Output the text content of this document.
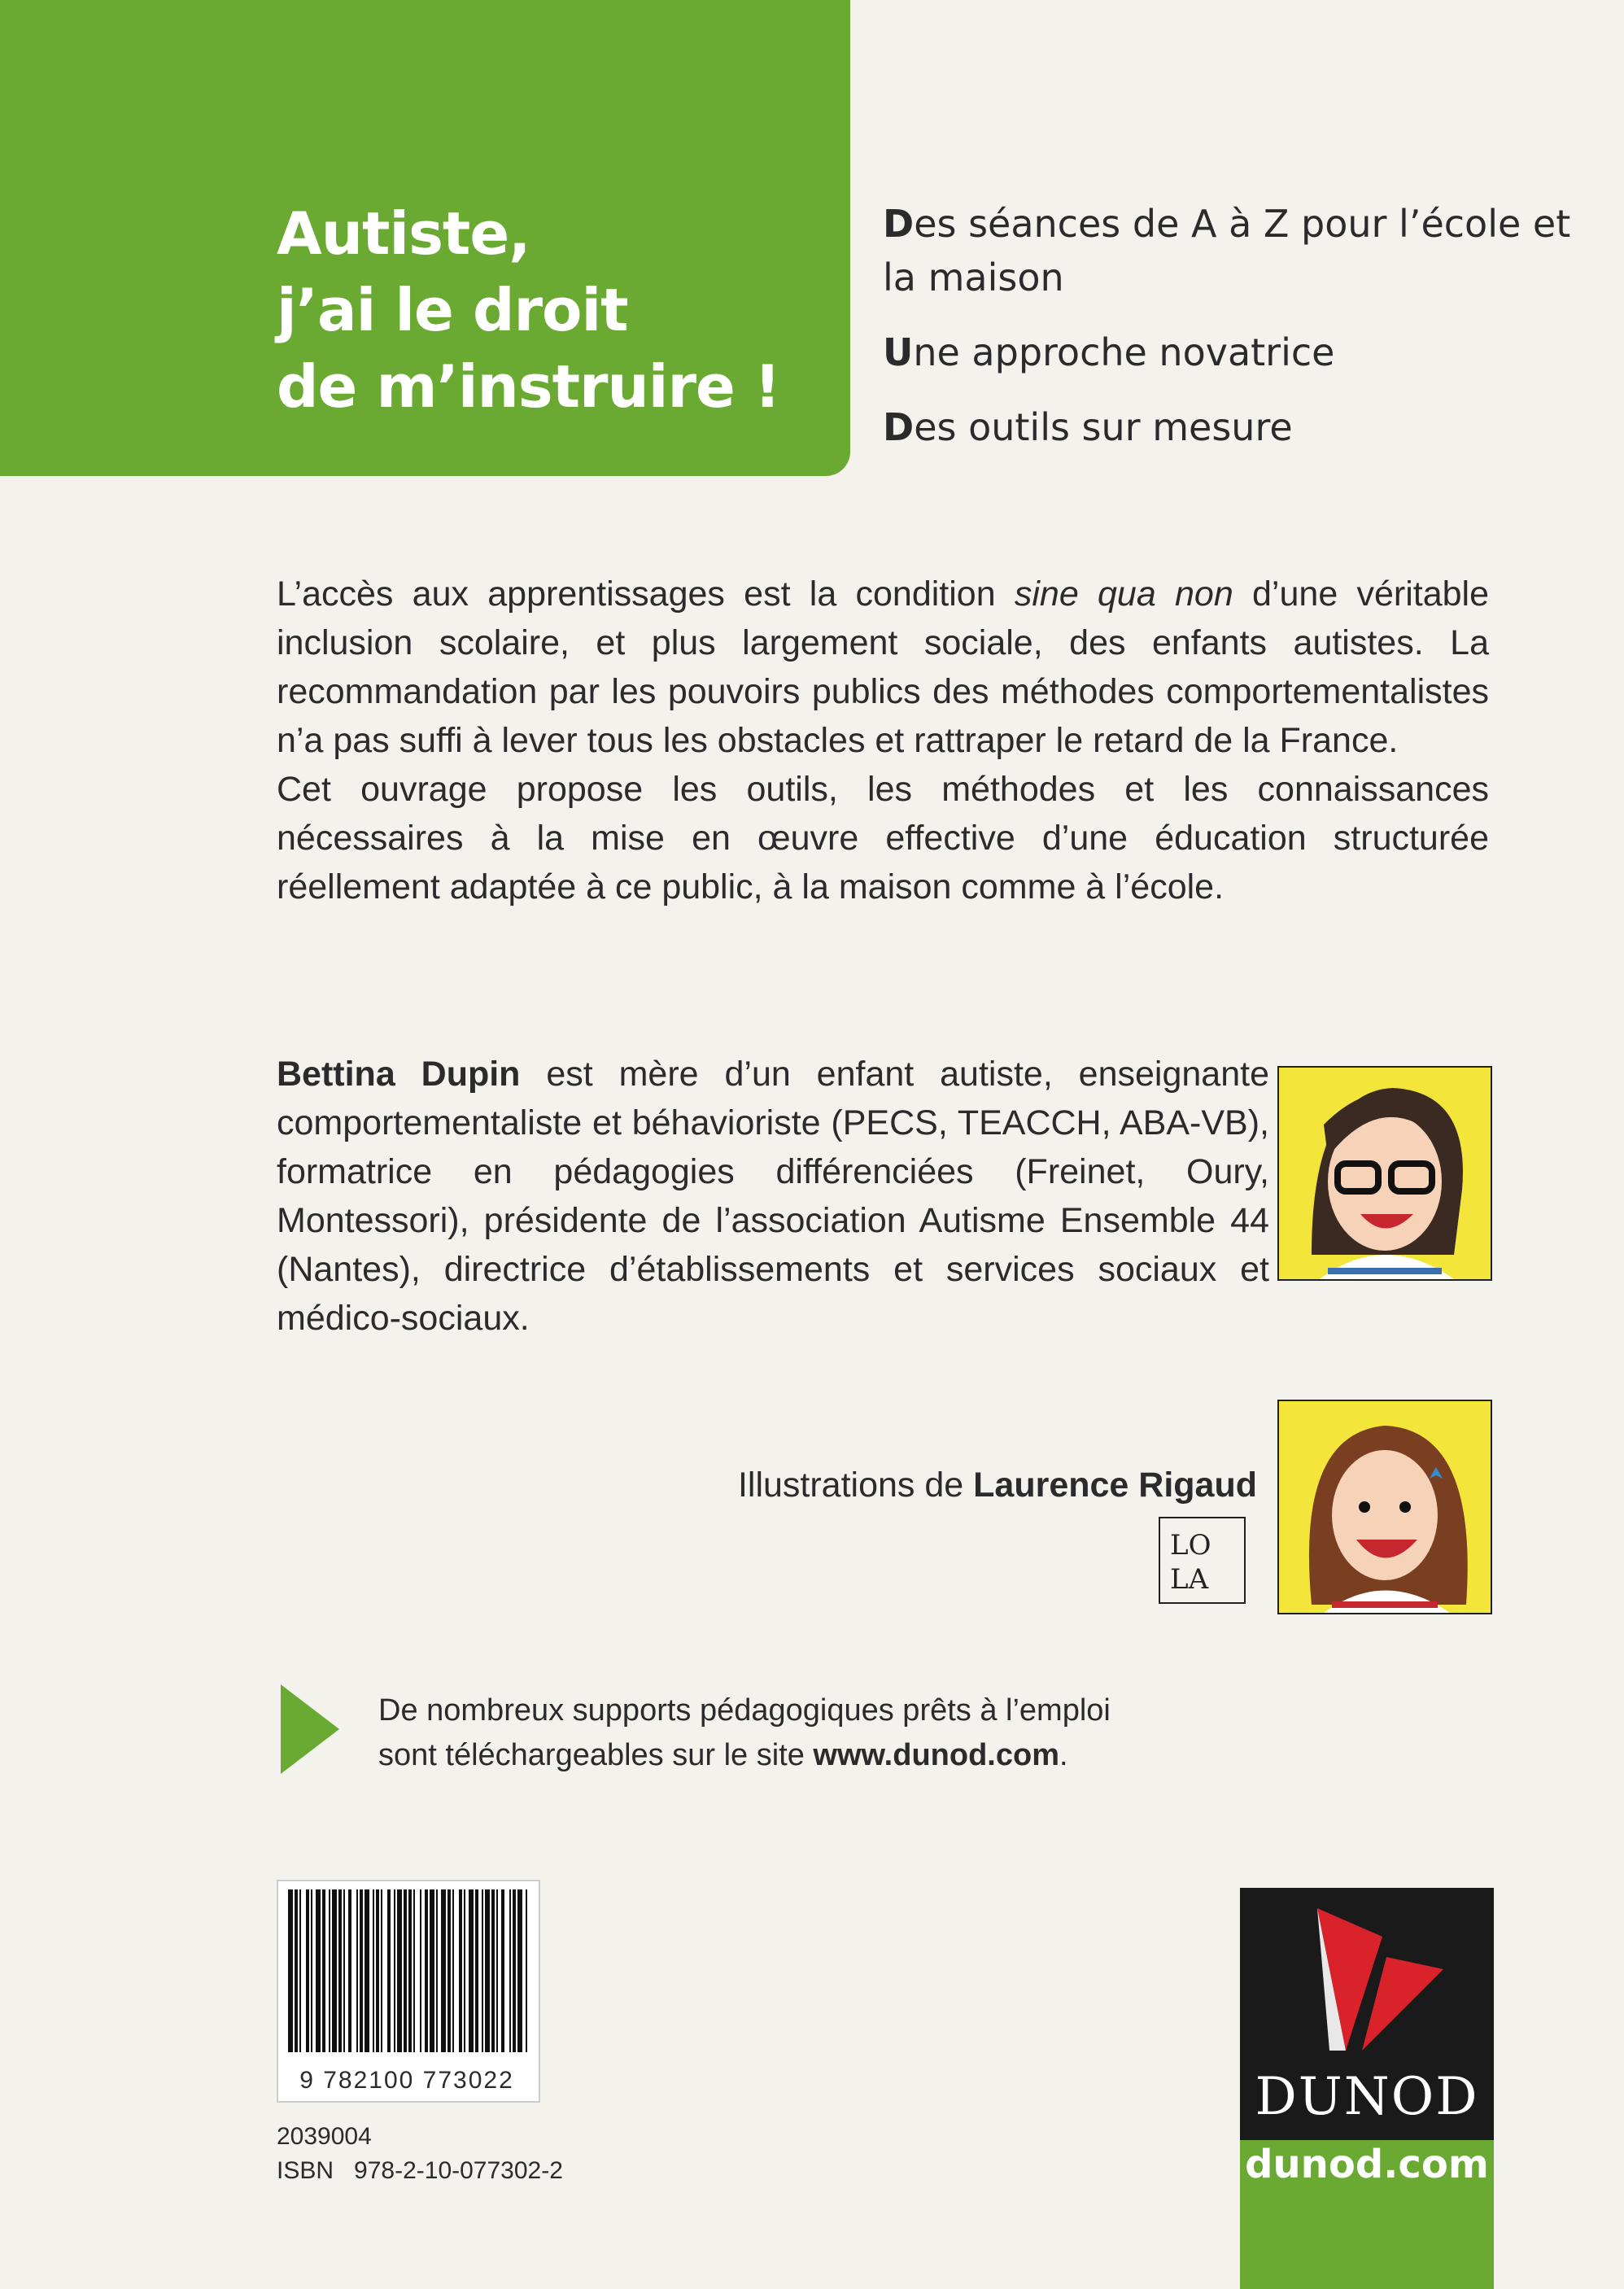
Autiste,
j’ai le droit
de m’instruire !

Des séances de A à Z pour l’école et la maison

Une approche novatrice

Des outils sur mesure

L’accès aux apprentissages est la condition sine qua non d’une véritable inclusion scolaire, et plus largement sociale, des enfants autistes. La recommandation par les pouvoirs publics des méthodes comportementalistes n’a pas suffi à lever tous les obstacles et rattraper le retard de la France.

Cet ouvrage propose les outils, les méthodes et les connaissances nécessaires à la mise en œuvre effective d’une éducation structurée réellement adaptée à ce public, à la maison comme à l’école.

Bettina Dupin est mère d’un enfant autiste, enseignante comportementaliste et béhavioriste (PECS, TEACCH, ABA-VB), formatrice en pédagogies différenciées (Freinet, Oury, Montessori), présidente de l’association Autisme Ensemble 44 (Nantes), directrice d’établissements et services sociaux et médico-sociaux.
Illustrations de Laurence Rigaud
LO
LA
De nombreux supports pédagogiques prêts à l’emploi
sont téléchargeables sur le site www.dunod.com.
9 782100 773022
2039004
ISBN 978-2-10-077302-2
DUNOD
dunod.com
